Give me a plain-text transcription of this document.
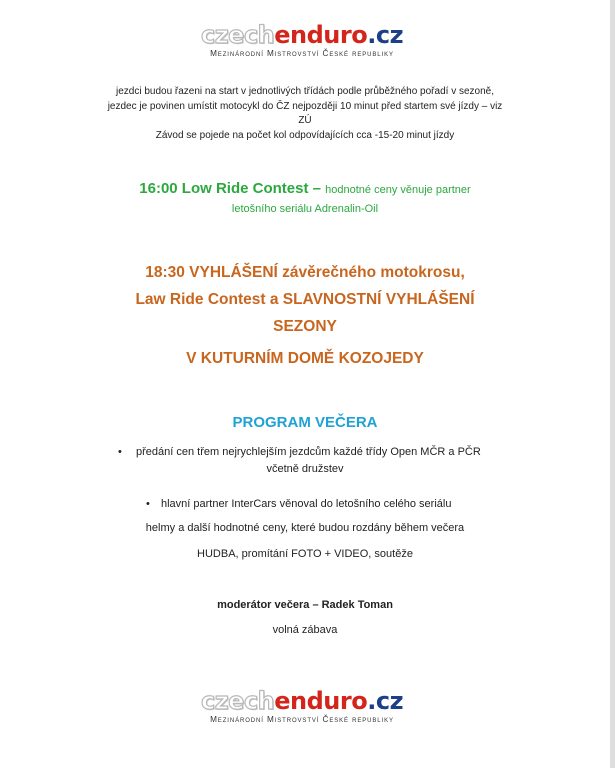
czechenduro.cz
Mezinárodní Mistrovství České republiky
jezdci budou řazeni na start v jednotlivých třídách podle průběžného pořadí v sezoně,
jezdec je povinen umístit motocykl do ČZ nejpozději 10 minut před startem své jízdy – viz
ZÚ
Závod se pojede na počet kol odpovídajících cca -15-20 minut jízdy
16:00 Low Ride Contest – hodnotné ceny věnuje partner
letošního seriálu Adrenalin-Oil
18:30 VYHLÁŠENÍ závěrečného motokrosu,
Law Ride Contest a SLAVNOSTNÍ VYHLÁŠENÍ
SEZONY
V KUTURNÍM DOMĚ KOZOJEDY
PROGRAM VEČERA
• předání cen třem nejrychlejším jezdcům každé třídy Open MČR a PČR
včetně družstev
• hlavní partner InterCars věnoval do letošního celého seriálu
helmy a další hodnotné ceny, které budou rozdány během večera
HUDBA, promítání FOTO + VIDEO, soutěže
moderátor večera – Radek Toman
volná zábava
czechenduro.cz
Mezinárodní Mistrovství České republiky
